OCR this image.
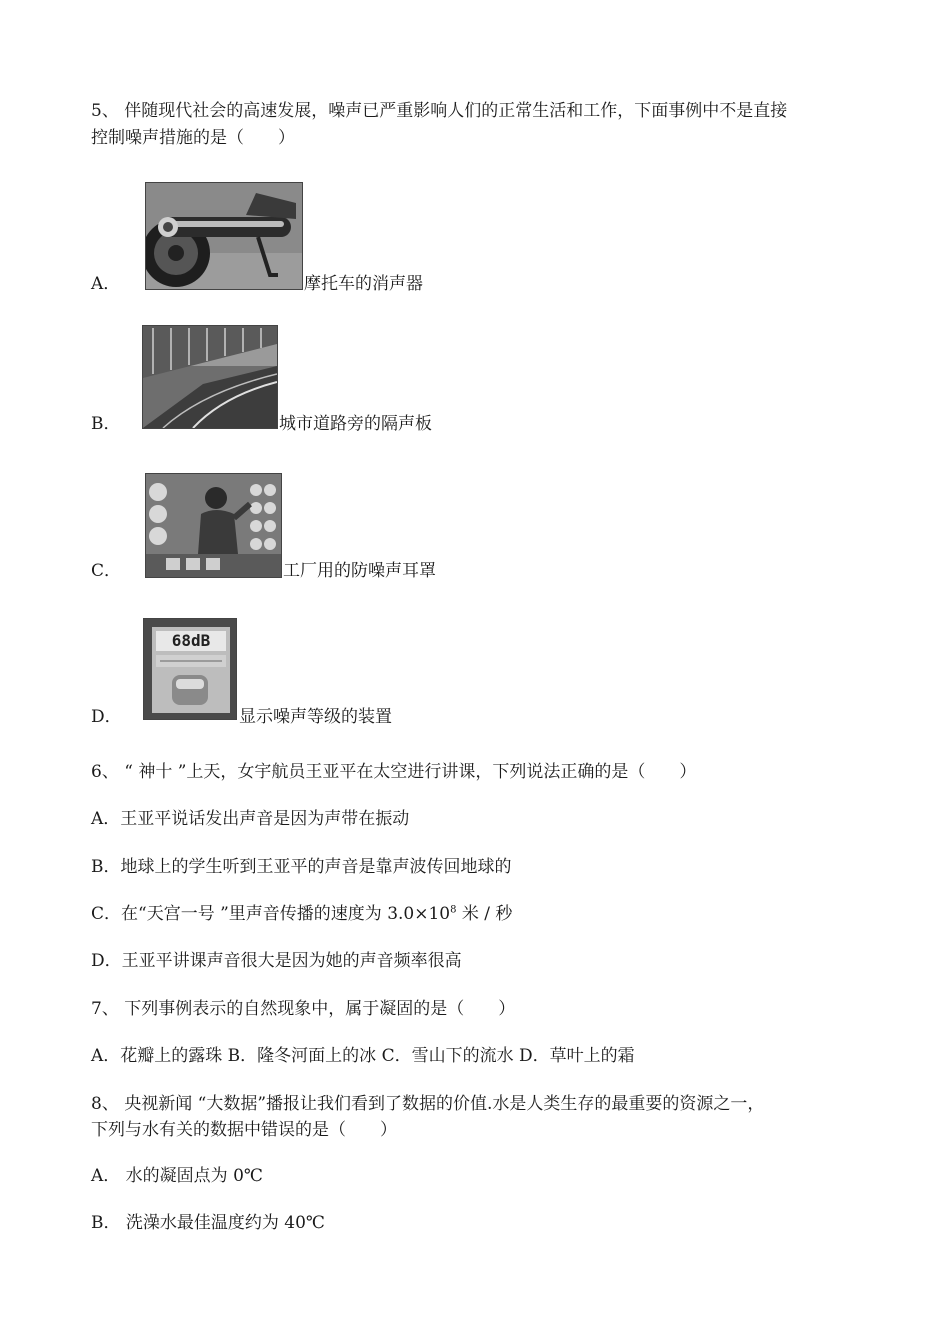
5、 伴随现代社会的高速发展，噪声已严重影响人们的正常生活和工作，下面事例中不是直接
控制噪声措施的是（　　）
A．	摩托车的消声器
B．	城市道路旁的隔声板
C．	工厂用的防噪声耳罩
D．
68dB
显示噪声等级的装置
6、 “ 神十 ”上天，女宇航员王亚平在太空进行讲课，下列说法正确的是（　　）
A．王亚平说话发出声音是因为声带在振动
B．地球上的学生听到王亚平的声音是靠声波传回地球的
C．在“天宫一号 ”里声音传播的速度为 $3.0\times 10^8$ 米 / 秒
D．王亚平讲课声音很大是因为她的声音频率很高
7、 下列事例表示的自然现象中，属于凝固的是（　　）
A．花瓣上的露珠 B．隆冬河面上的冰 C．雪山下的流水 D．草叶上的霜
8、 央视新闻 “大数据”播报让我们看到了数据的价值.水是人类生存的最重要的资源之一，
下列与水有关的数据中错误的是（　　）
A． 水的凝固点为 0℃
B． 洗澡水最佳温度约为 40℃
